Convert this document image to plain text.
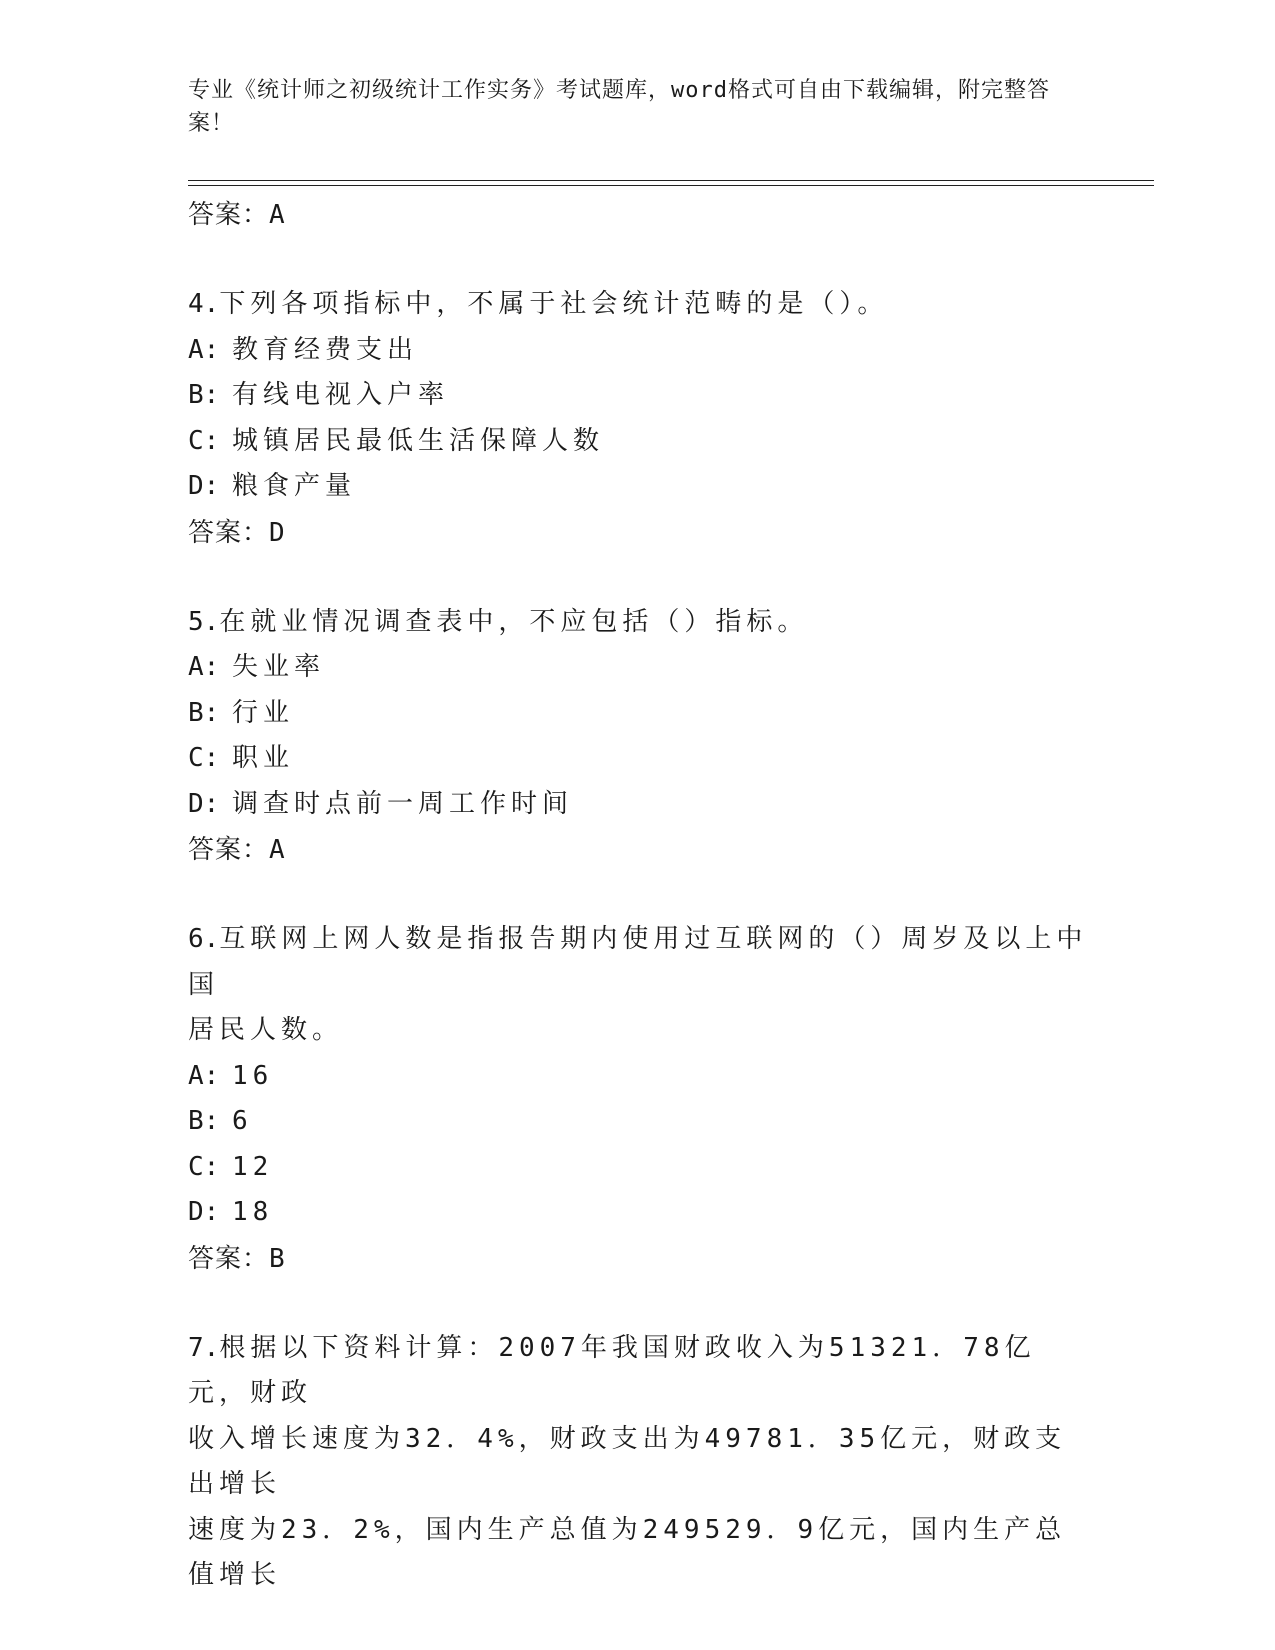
专业《统计师之初级统计工作实务》考试题库，word格式可自由下载编辑，附完整答案！
答案：A
4.下列各项指标中，不属于社会统计范畴的是（）。
A: 教育经费支出
B: 有线电视入户率
C: 城镇居民最低生活保障人数
D: 粮食产量
答案：D
5.在就业情况调查表中，不应包括（）指标。
A: 失业率
B: 行业
C: 职业
D: 调查时点前一周工作时间
答案：A
6.互联网上网人数是指报告期内使用过互联网的（）周岁及以上中国
居民人数。
A: 16
B: 6
C: 12
D: 18
答案：B
7.根据以下资料计算：2007年我国财政收入为51321．78亿元，财政
收入增长速度为32．4%，财政支出为49781．35亿元，财政支出增长
速度为23．2%，国内生产总值为249529．9亿元，国内生产总值增长
